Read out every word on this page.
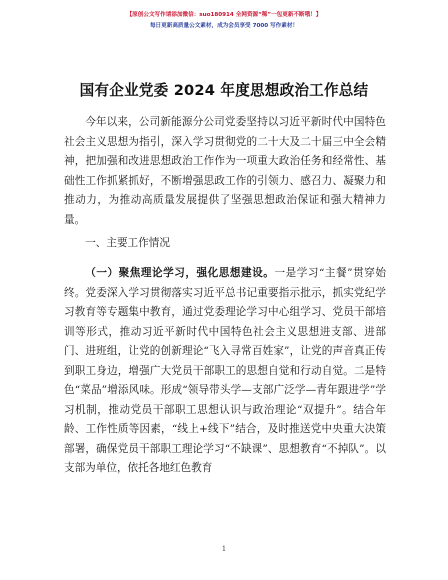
【原创公文写作请添加微信：suo180914 全网资源“稀”一包更新不断哦！】
每日更新高质量公文素材，成为会员享受 7000 写作素材！
国有企业党委 2024 年度思想政治工作总结

今年以来，公司新能源分公司党委坚持以习近平新时代中国特色社会主义思想为指引，深入学习贯彻党的二十大及二十届三中全会精神，把加强和改进思想政治工作作为一项重大政治任务和经常性、基础性工作抓紧抓好，不断增强思政工作的引领力、感召力、凝聚力和推动力，为推动高质量发展提供了坚强思想政治保证和强大精神力量。

一、主要工作情况

（一）聚焦理论学习，强化思想建设。一是学习“主餐”贯穿始终。党委深入学习贯彻落实习近平总书记重要指示批示，抓实党纪学习教育等专题集中教育，通过党委理论学习中心组学习、党员干部培训等形式，推动习近平新时代中国特色社会主义思想进支部、进部门、进班组，让党的创新理论“飞入寻常百姓家”，让党的声音真正传到职工身边，增强广大党员干部职工的思想自觉和行动自觉。二是特色“菜品”增添风味。形成“领导带头学—支部广泛学—青年跟进学”学习机制，推动党员干部职工思想认识与政治理论“双提升”。结合年龄、工作性质等因素，“线上+线下”结合，及时推送党中央重大决策部署，确保党员干部职工理论学习“不缺课”、思想教育“不掉队”。以支部为单位，依托各地红色教育

1
